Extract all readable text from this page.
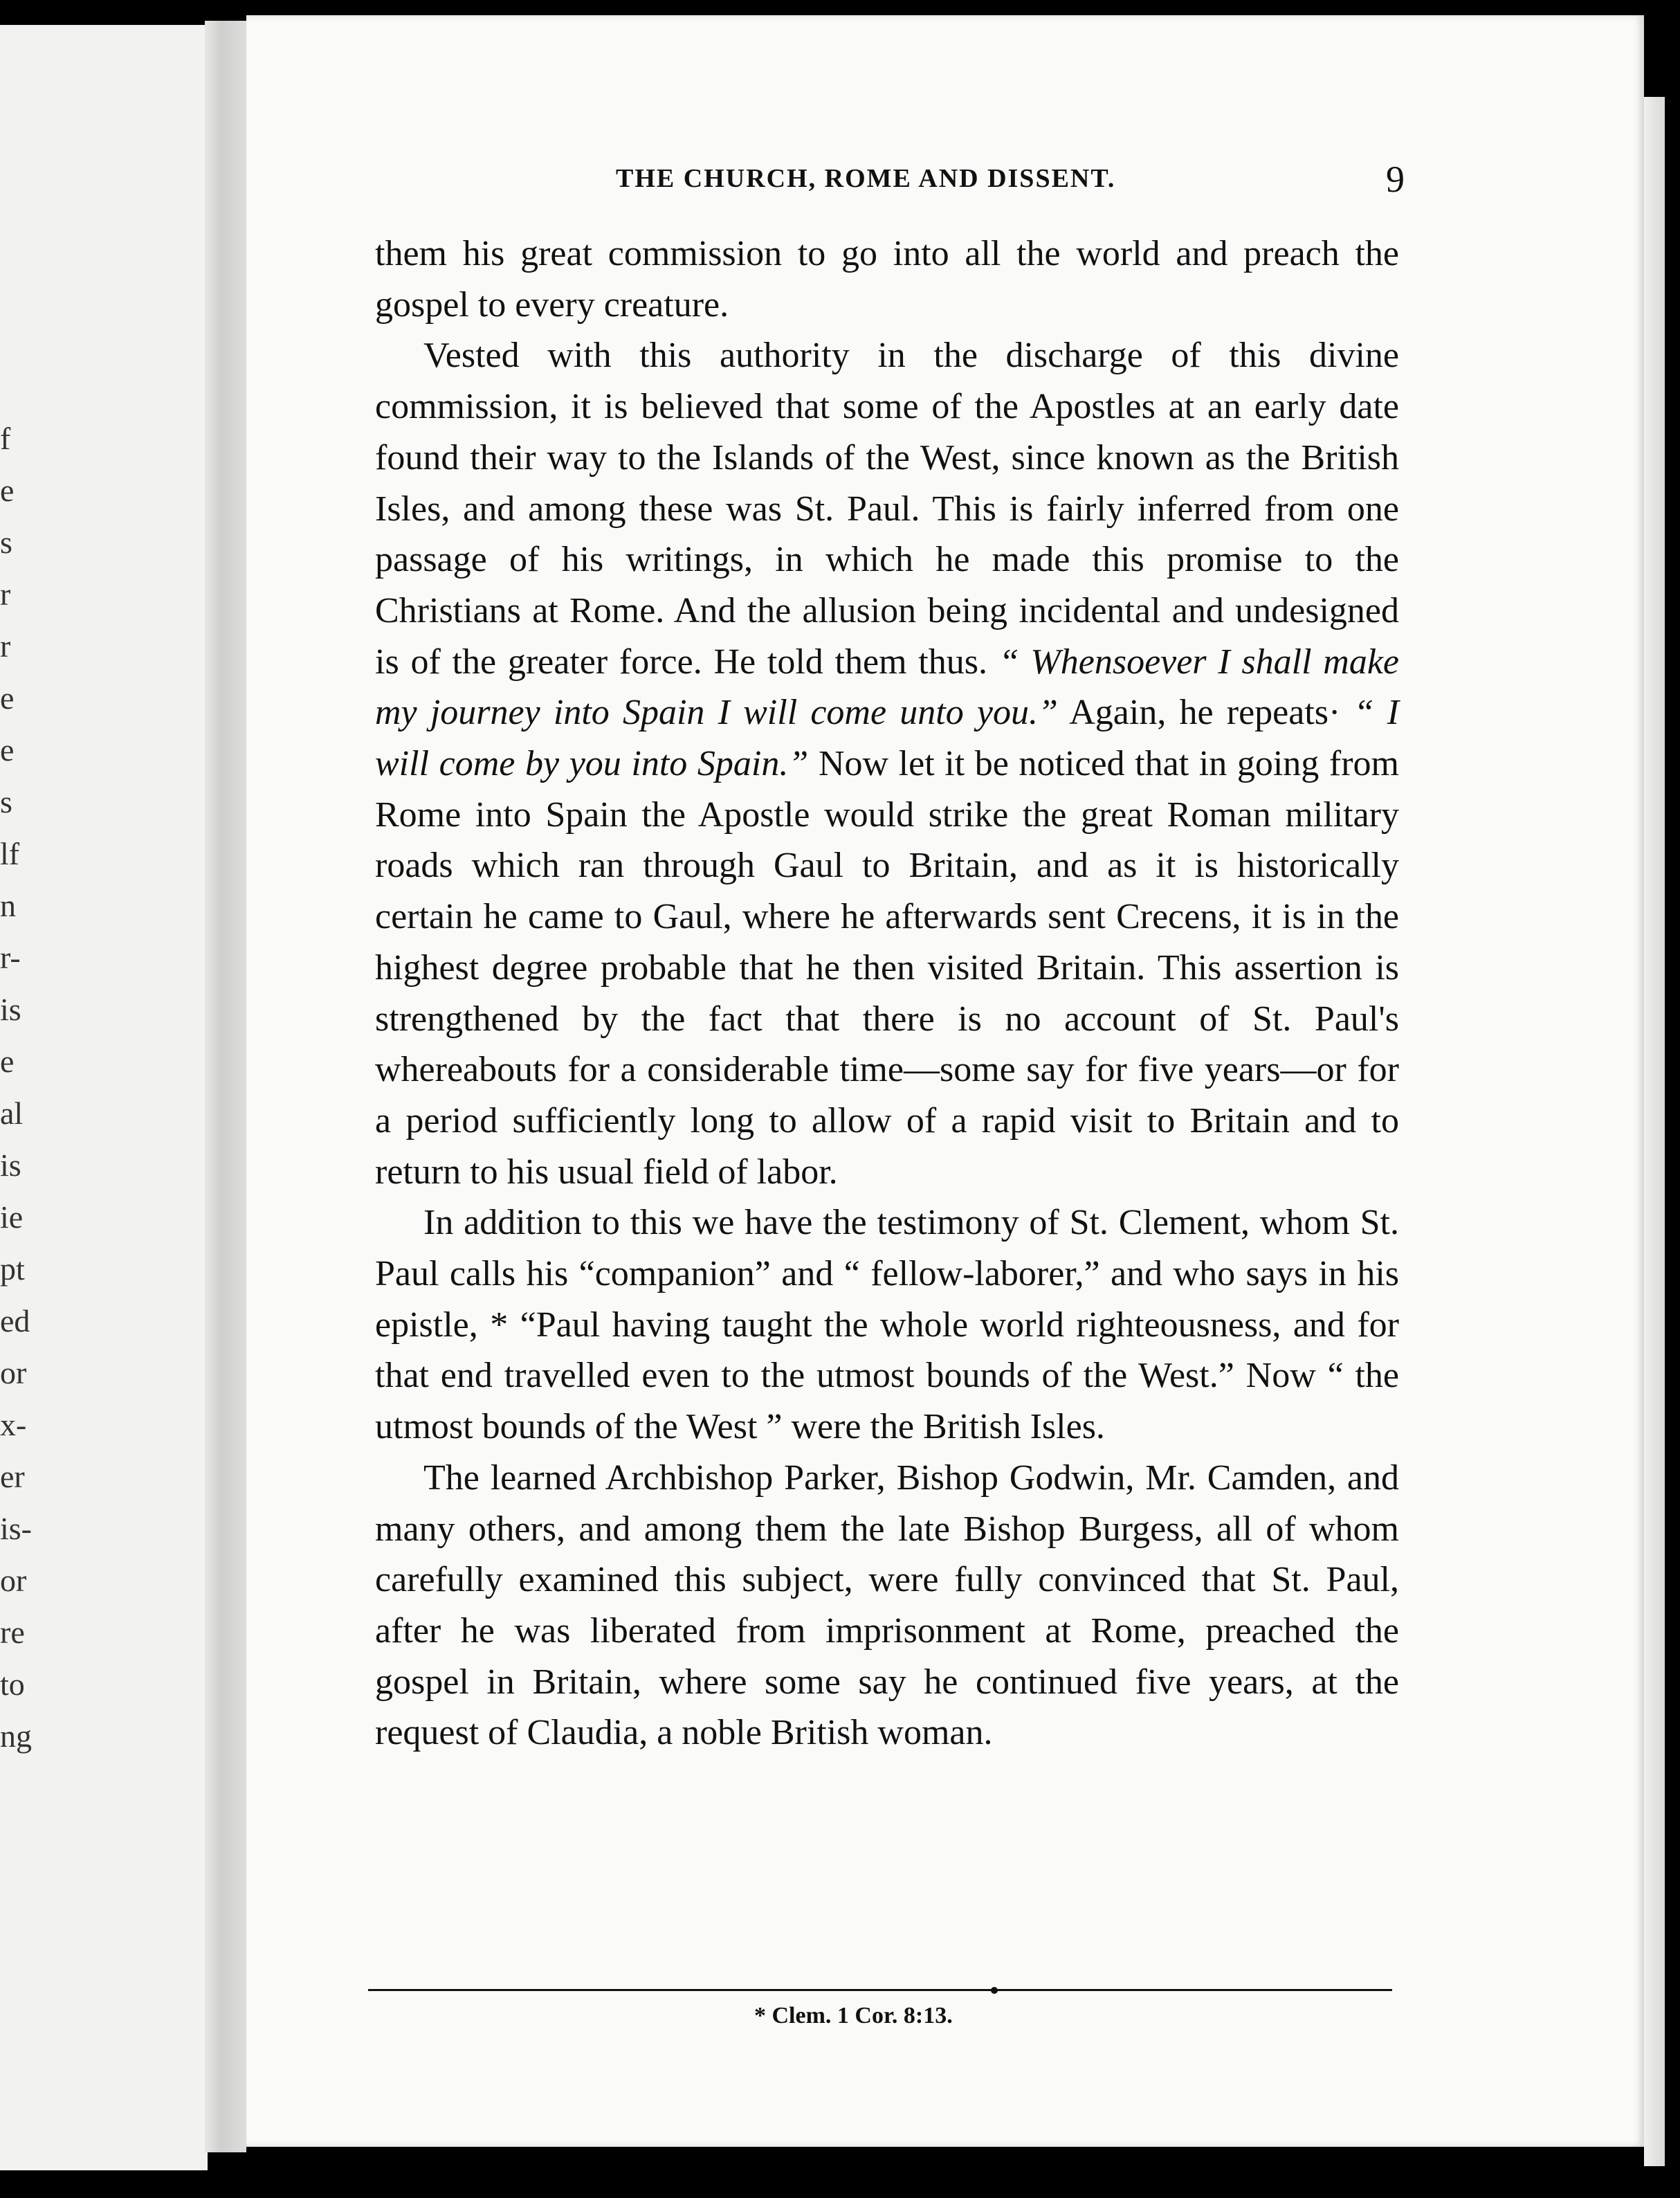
f
e
s
r
r
e
e
s
lf
n
r-
is
e
al
is
ie
pt
ed
or
x-
er
is-
or
re
to
ng
THE CHURCH, ROME AND DISSENT.	9

them his great commission to go into all the world and preach the gospel to every creature.

Vested with this authority in the discharge of this divine commission, it is believed that some of the Apostles at an early date found their way to the Islands of the West, since known as the British Isles, and among these was St. Paul. This is fairly inferred from one passage of his writings, in which he made this promise to the Christians at Rome. And the allusion being incidental and undesigned is of the greater force. He told them thus. “ Whensoever I shall make my journey into Spain I will come unto you.” Again, he repeats· “ I will come by you into Spain.” Now let it be noticed that in going from Rome into Spain the Apostle would strike the great Roman military roads which ran through Gaul to Britain, and as it is historically certain he came to Gaul, where he afterwards sent Crecens, it is in the highest degree probable that he then visited Britain. This assertion is strengthened by the fact that there is no account of St. Paul's whereabouts for a considerable time—some say for five years—or for a period sufficiently long to allow of a rapid visit to Britain and to return to his usual field of labor.

In addition to this we have the testimony of St. Clement, whom St. Paul calls his “companion” and “ fellow-laborer,” and who says in his epistle, * “Paul having taught the whole world righteousness, and for that end travelled even to the utmost bounds of the West.” Now “ the utmost bounds of the West ” were the British Isles.

The learned Archbishop Parker, Bishop Godwin, Mr. Camden, and many others, and among them the late Bishop Burgess, all of whom carefully examined this subject, were fully convinced that St. Paul, after he was liberated from imprisonment at Rome, preached the gospel in Britain, where some say he continued five years, at the request of Claudia, a noble British woman.

* Clem. 1 Cor. 8:13.
